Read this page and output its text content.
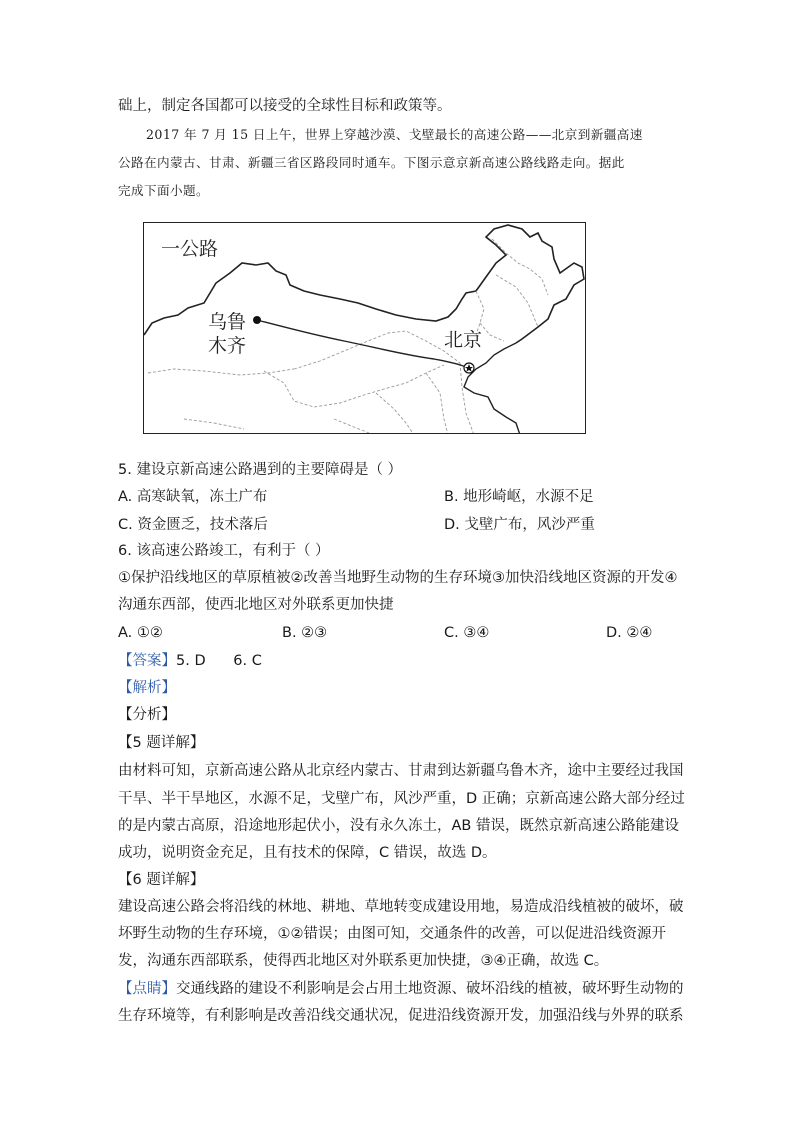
础上，制定各国都可以接受的全球性目标和政策等。
2017 年 7 月 15 日上午，世界上穿越沙漠、戈壁最长的高速公路——北京到新疆高速
公路在内蒙古、甘肃、新疆三省区路段同时通车。下图示意京新高速公路线路走向。据此
完成下面小题。
一公路
乌鲁
木齐	北京
5. 建设京新高速公路遇到的主要障碍是（ ）
A. 高寒缺氧，冻土广布	B. 地形崎岖，水源不足
C. 资金匮乏，技术落后	D. 戈壁广布，风沙严重
6. 该高速公路竣工，有利于（ ）
①保护沿线地区的草原植被②改善当地野生动物的生存环境③加快沿线地区资源的开发④
沟通东西部，使西北地区对外联系更加快捷
A. ①②	B. ②③	C. ③④	D. ②④
【答案】5. D      6. C
【解析】
【分析】
【5 题详解】
由材料可知，京新高速公路从北京经内蒙古、甘肃到达新疆乌鲁木齐，途中主要经过我国
干旱、半干旱地区，水源不足，戈壁广布，风沙严重，D 正确；京新高速公路大部分经过
的是内蒙古高原，沿途地形起伏小，没有永久冻土，AB 错误，既然京新高速公路能建设
成功，说明资金充足，且有技术的保障，C 错误，故选 D。
【6 题详解】
建设高速公路会将沿线的林地、耕地、草地转变成建设用地，易造成沿线植被的破坏，破
坏野生动物的生存环境，①②错误；由图可知，交通条件的改善，可以促进沿线资源开
发，沟通东西部联系，使得西北地区对外联系更加快捷，③④正确，故选 C。
【点睛】交通线路的建设不利影响是会占用土地资源、破坏沿线的植被，破坏野生动物的
生存环境等，有利影响是改善沿线交通状况，促进沿线资源开发，加强沿线与外界的联系
